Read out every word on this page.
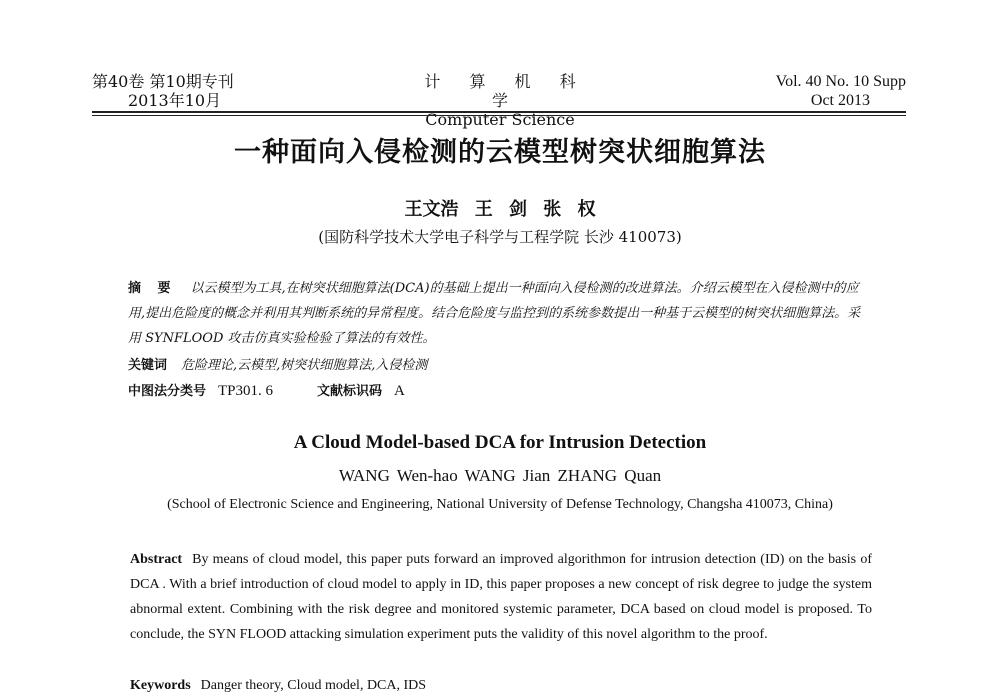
第40卷 第10期专刊
2013年10月
计 算 机 科 学
Computer Science
Vol. 40 No. 10 Supp
Oct 2013
一种面向入侵检测的云模型树突状细胞算法
王文浩 王 剑 张 权
(国防科学技术大学电子科学与工程学院 长沙 410073)
摘 要 以云模型为工具,在树突状细胞算法(DCA)的基础上提出一种面向入侵检测的改进算法。介绍云模型在入侵检测中的应用,提出危险度的概念并利用其判断系统的异常程度。结合危险度与监控到的系统参数提出一种基于云模型的树突状细胞算法。采用 SYNFLOOD 攻击仿真实验检验了算法的有效性。
关键词 危险理论,云模型,树突状细胞算法,入侵检测
中图法分类号 TP301. 6	文献标识码 A
A Cloud Model-based DCA for Intrusion Detection
WANG Wen-hao WANG Jian ZHANG Quan
(School of Electronic Science and Engineering, National University of Defense Technology, Changsha 410073, China)
Abstract By means of cloud model, this paper puts forward an improved algorithmon for intrusion detection (ID) on the basis of DCA . With a brief introduction of cloud model to apply in ID, this paper proposes a new concept of risk degree to judge the system abnormal extent. Combining with the risk degree and monitored systemic parameter, DCA based on cloud model is proposed. To conclude, the SYN FLOOD attacking simulation experiment puts the validity of this novel algorithm to the proof.
Keywords Danger theory, Cloud model, DCA, IDS
